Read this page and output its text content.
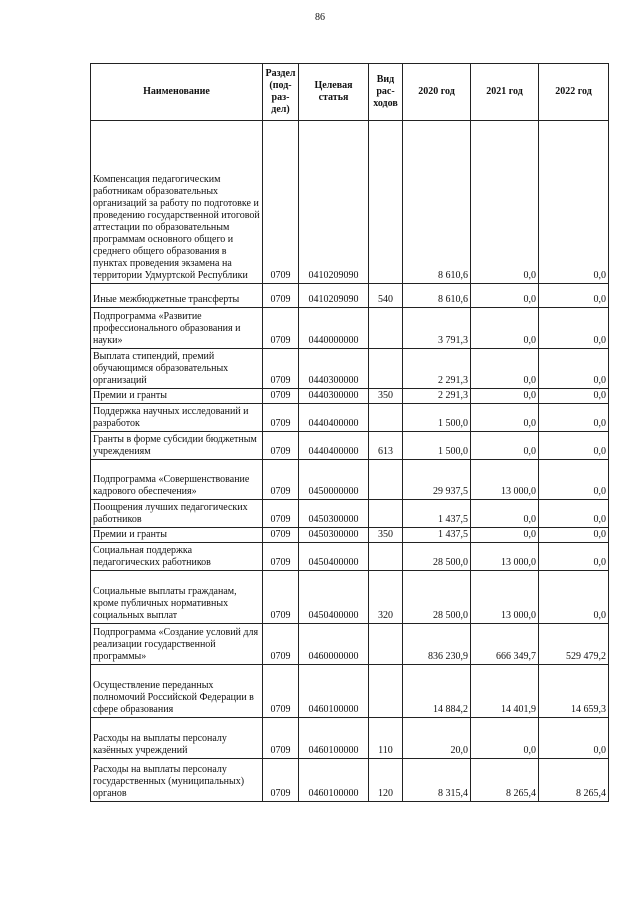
86
Наименование	Раздел (под-раз-дел)	Целевая статья	Вид рас-ходов	2020 год	2021 год	2022 год

Компенсация педагогическим работникам образовательных организаций за работу по подготовке и проведению государственной итоговой аттестации по образовательным программам основного общего и среднего общего образования в пунктах проведения экзамена на территории Удмуртской Республики	0709	0410209090		8 610,6	0,0	0,0

Иные межбюджетные трансферты	0709	0410209090	540	8 610,6	0,0	0,0

Подпрограмма «Развитие профессионального образования и науки»	0709	0440000000		3 791,3	0,0	0,0

Выплата стипендий, премий обучающимся образовательных организаций	0709	0440300000		2 291,3	0,0	0,0

Премии и гранты	0709	0440300000	350	2 291,3	0,0	0,0

Поддержка научных исследований и разработок	0709	0440400000		1 500,0	0,0	0,0

Гранты в форме субсидии бюджетным учреждениям	0709	0440400000	613	1 500,0	0,0	0,0

Подпрограмма «Совершенствование кадрового обеспечения»	0709	0450000000		29 937,5	13 000,0	0,0

Поощрения лучших педагогических работников	0709	0450300000		1 437,5	0,0	0,0

Премии и гранты	0709	0450300000	350	1 437,5	0,0	0,0

Социальная поддержка педагогических работников	0709	0450400000		28 500,0	13 000,0	0,0

Социальные выплаты гражданам, кроме публичных нормативных социальных выплат	0709	0450400000	320	28 500,0	13 000,0	0,0

Подпрограмма «Создание условий для реализации государственной программы»	0709	0460000000		836 230,9	666 349,7	529 479,2

Осуществление переданных полномочий Российской Федерации в сфере образования	0709	0460100000		14 884,2	14 401,9	14 659,3

Расходы на выплаты персоналу казённых учреждений	0709	0460100000	110	20,0	0,0	0,0

Расходы на выплаты персоналу государственных (муниципальных) органов	0709	0460100000	120	8 315,4	8 265,4	8 265,4
